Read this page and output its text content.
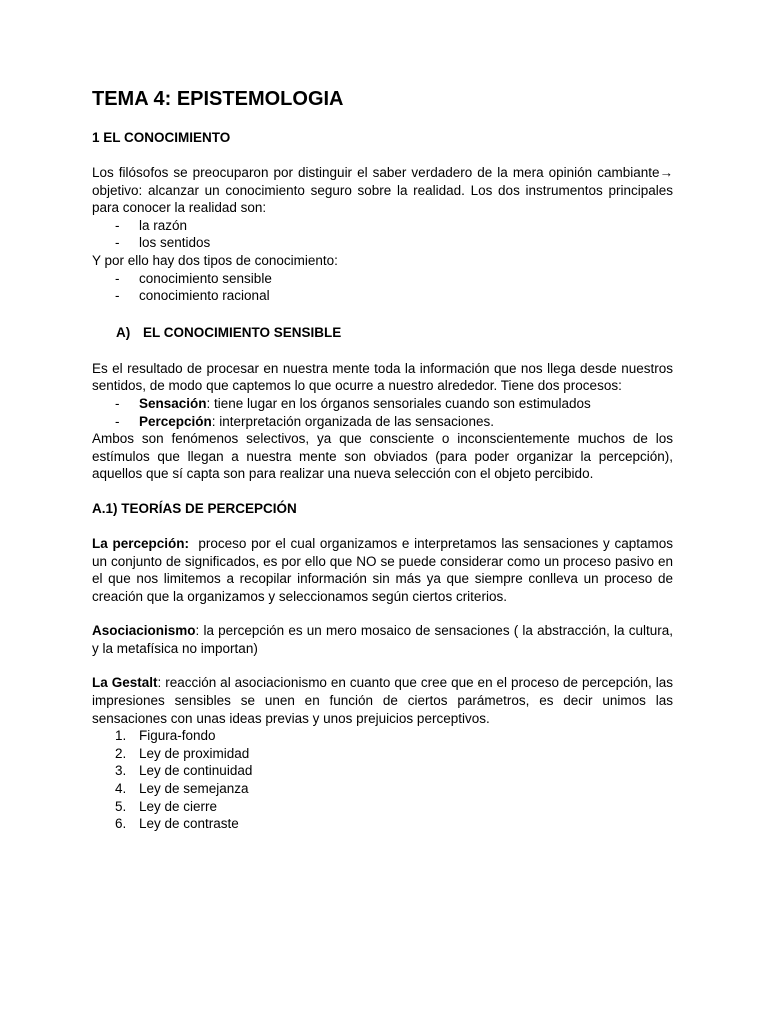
TEMA 4: EPISTEMOLOGIA
1 EL CONOCIMIENTO

Los filósofos se preocuparon por distinguir el saber verdadero de la mera opinión cambiante→ objetivo: alcanzar un conocimiento seguro sobre la realidad. Los dos instrumentos principales para conocer la realidad son:

- la razón
- los sentidos

Y por ello hay dos tipos de conocimiento:

- conocimiento sensible
- conocimiento racional
A) EL CONOCIMIENTO SENSIBLE

Es el resultado de procesar en nuestra mente toda la información que nos llega desde nuestros sentidos, de modo que captemos lo que ocurre a nuestro alrededor. Tiene dos procesos:

- Sensación: tiene lugar en los órganos sensoriales cuando son estimulados
- Percepción: interpretación organizada de las sensaciones.

Ambos son fenómenos selectivos, ya que consciente o inconscientemente muchos de los estímulos que llegan a nuestra mente son obviados (para poder organizar la percepción), aquellos que sí capta son para realizar una nueva selección con el objeto percibido.

A.1) TEORÍAS DE PERCEPCIÓN

La percepción:  proceso por el cual organizamos e interpretamos las sensaciones y captamos un conjunto de significados, es por ello que NO se puede considerar como un proceso pasivo en el que nos limitemos a recopilar información sin más ya que siempre conlleva un proceso de creación que la organizamos y seleccionamos según ciertos criterios.

Asociacionismo: la percepción es un mero mosaico de sensaciones ( la abstracción, la cultura, y la metafísica no importan)

La Gestalt: reacción al asociacionismo en cuanto que cree que en el proceso de percepción, las impresiones sensibles se unen en función de ciertos parámetros, es decir unimos las sensaciones con unas ideas previas y unos prejuicios perceptivos.

1. Figura-fondo
2. Ley de proximidad
3. Ley de continuidad
4. Ley de semejanza
5. Ley de cierre
6. Ley de contraste
